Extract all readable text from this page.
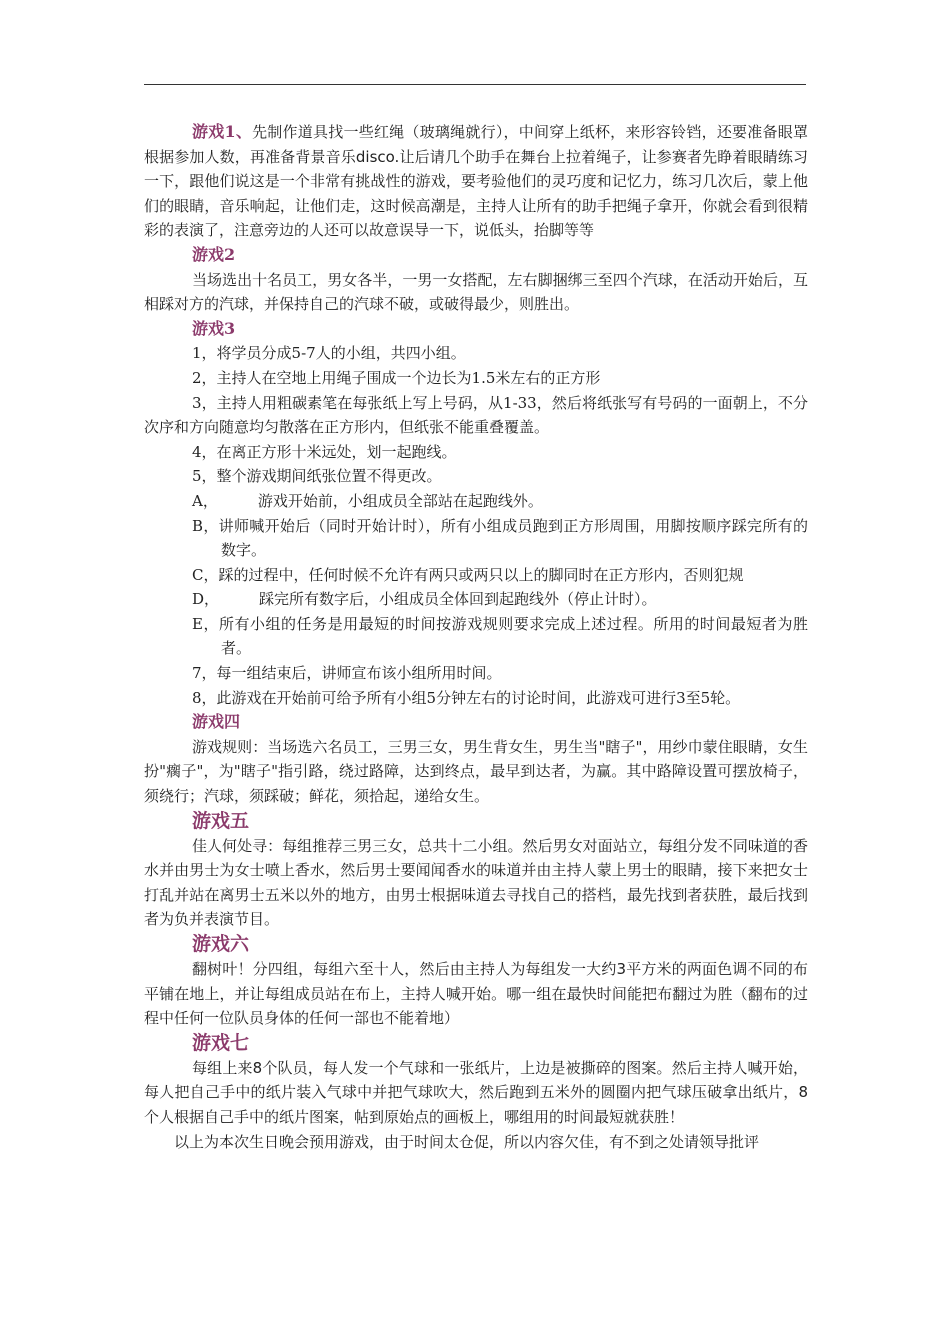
游戏1、先制作道具找一些红绳（玻璃绳就行），中间穿上纸杯，来形容铃铛，还要准备眼罩根据参加人数，再准备背景音乐disco.让后请几个助手在舞台上拉着绳子，让参赛者先睁着眼睛练习一下，跟他们说这是一个非常有挑战性的游戏，要考验他们的灵巧度和记忆力，练习几次后，蒙上他们的眼睛，音乐响起，让他们走，这时候高潮是，主持人让所有的助手把绳子拿开，你就会看到很精彩的表演了，注意旁边的人还可以故意误导一下，说低头，抬脚等等

游戏2

当场选出十名员工，男女各半，一男一女搭配，左右脚捆绑三至四个汽球，在活动开始后，互相踩对方的汽球，并保持自己的汽球不破，或破得最少，则胜出。

游戏3

1，将学员分成5-7人的小组，共四小组。

2，主持人在空地上用绳子围成一个边长为1.5米左右的正方形

3，主持人用粗碳素笔在每张纸上写上号码，从1-33，然后将纸张写有号码的一面朝上，不分次序和方向随意均匀散落在正方形内，但纸张不能重叠覆盖。

4，在离正方形十米远处，划一起跑线。

5，整个游戏期间纸张位置不得更改。

A，	游戏开始前，小组成员全部站在起跑线外。

B，讲师喊开始后（同时开始计时），所有小组成员跑到正方形周围，用脚按顺序踩完所有的数字。

C，踩的过程中，任何时候不允许有两只或两只以上的脚同时在正方形内，否则犯规

D，	踩完所有数字后，小组成员全体回到起跑线外（停止计时）。

E，所有小组的任务是用最短的时间按游戏规则要求完成上述过程。所用的时间最短者为胜者。

7，每一组结束后，讲师宣布该小组所用时间。

8，此游戏在开始前可给予所有小组5分钟左右的讨论时间，此游戏可进行3至5轮。

游戏四

游戏规则：当场选六名员工，三男三女，男生背女生，男生当"瞎子"，用纱巾蒙住眼睛，女生扮"瘸子"，为"瞎子"指引路，绕过路障，达到终点，最早到达者，为赢。其中路障设置可摆放椅子，须绕行；汽球，须踩破；鲜花，须拾起，递给女生。

游戏五

佳人何处寻：每组推荐三男三女，总共十二小组。然后男女对面站立，每组分发不同味道的香水并由男士为女士喷上香水，然后男士要闻闻香水的味道并由主持人蒙上男士的眼睛，接下来把女士打乱并站在离男士五米以外的地方，由男士根据味道去寻找自己的搭档，最先找到者获胜，最后找到者为负并表演节目。

游戏六

翻树叶！分四组，每组六至十人，然后由主持人为每组发一大约3平方米的两面色调不同的布平铺在地上，并让每组成员站在布上，主持人喊开始。哪一组在最快时间能把布翻过为胜（翻布的过程中任何一位队员身体的任何一部也不能着地）

游戏七

每组上来8个队员，每人发一个气球和一张纸片，上边是被撕碎的图案。然后主持人喊开始，每人把自己手中的纸片装入气球中并把气球吹大，然后跑到五米外的圆圈内把气球压破拿出纸片，8个人根据自己手中的纸片图案，帖到原始点的画板上，哪组用的时间最短就获胜！

以上为本次生日晚会预用游戏，由于时间太仓促，所以内容欠佳，有不到之处请领导批评
